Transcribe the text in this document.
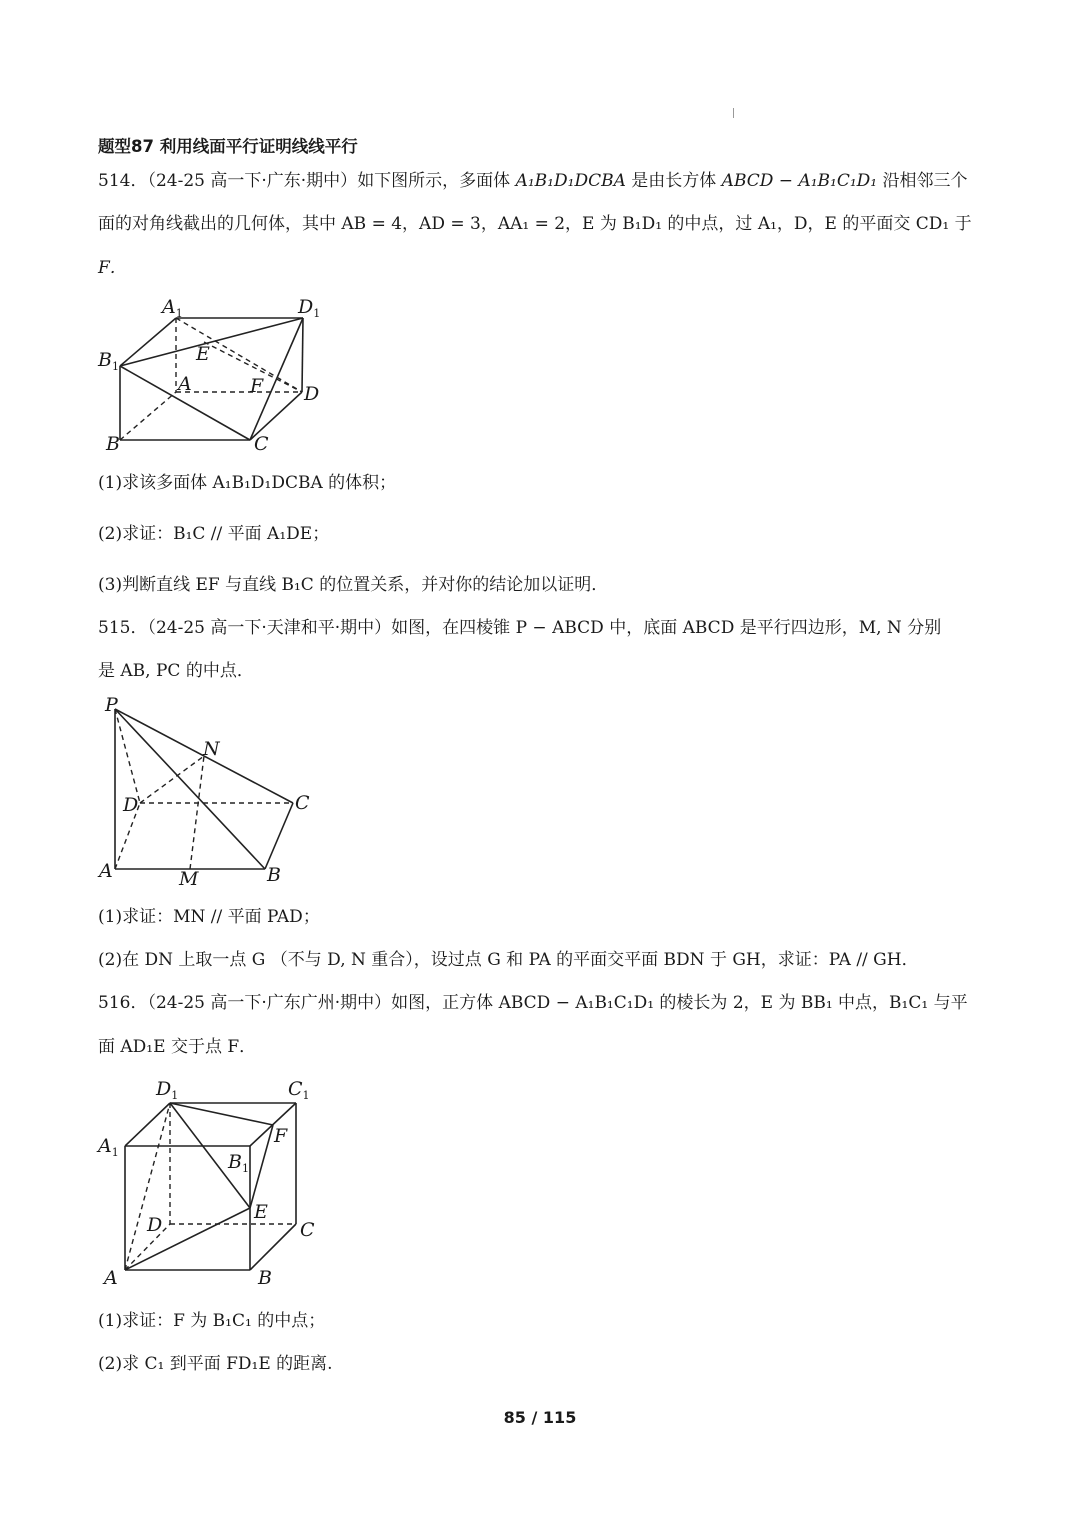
题型87 利用线面平行证明线线平行
514．（24-25 高一下·广东·期中）如下图所示，多面体 A₁B₁D₁DCBA 是由长方体 ABCD − A₁B₁C₁D₁ 沿相邻三个
面的对角线截出的几何体，其中 AB = 4，AD = 3，AA₁ = 2，E 为 B₁D₁ 的中点，过 A₁，D，E 的平面交 CD₁ 于
F．
$A_1$	$D_1$
E
$B_1$
A	F D
B	C
(1)求该多面体 A₁B₁D₁DCBA 的体积；
(2)求证：B₁C // 平面 A₁DE；
(3)判断直线 EF 与直线 B₁C 的位置关系，并对你的结论加以证明．
515．（24-25 高一下·天津和平·期中）如图，在四棱锥 P − ABCD 中，底面 ABCD 是平行四边形，M, N 分别
是 AB, PC 的中点．
P
N
D	C
A	M	B
(1)求证：MN // 平面 PAD；
(2)在 DN 上取一点 G （不与 D, N 重合），设过点 G 和 PA 的平面交平面 BDN 于 GH，求证：PA // GH．
516．（24-25 高一下·广东广州·期中）如图，正方体 ABCD − A₁B₁C₁D₁ 的棱长为 2，E 为 BB₁ 中点，B₁C₁ 与平
面 AD₁E 交于点 F．
$D_1$	$C_1$
$A_1$
F
$B_1$
E
D	C
A	B
(1)求证：F 为 B₁C₁ 的中点；
(2)求 C₁ 到平面 FD₁E 的距离.
85 / 115
